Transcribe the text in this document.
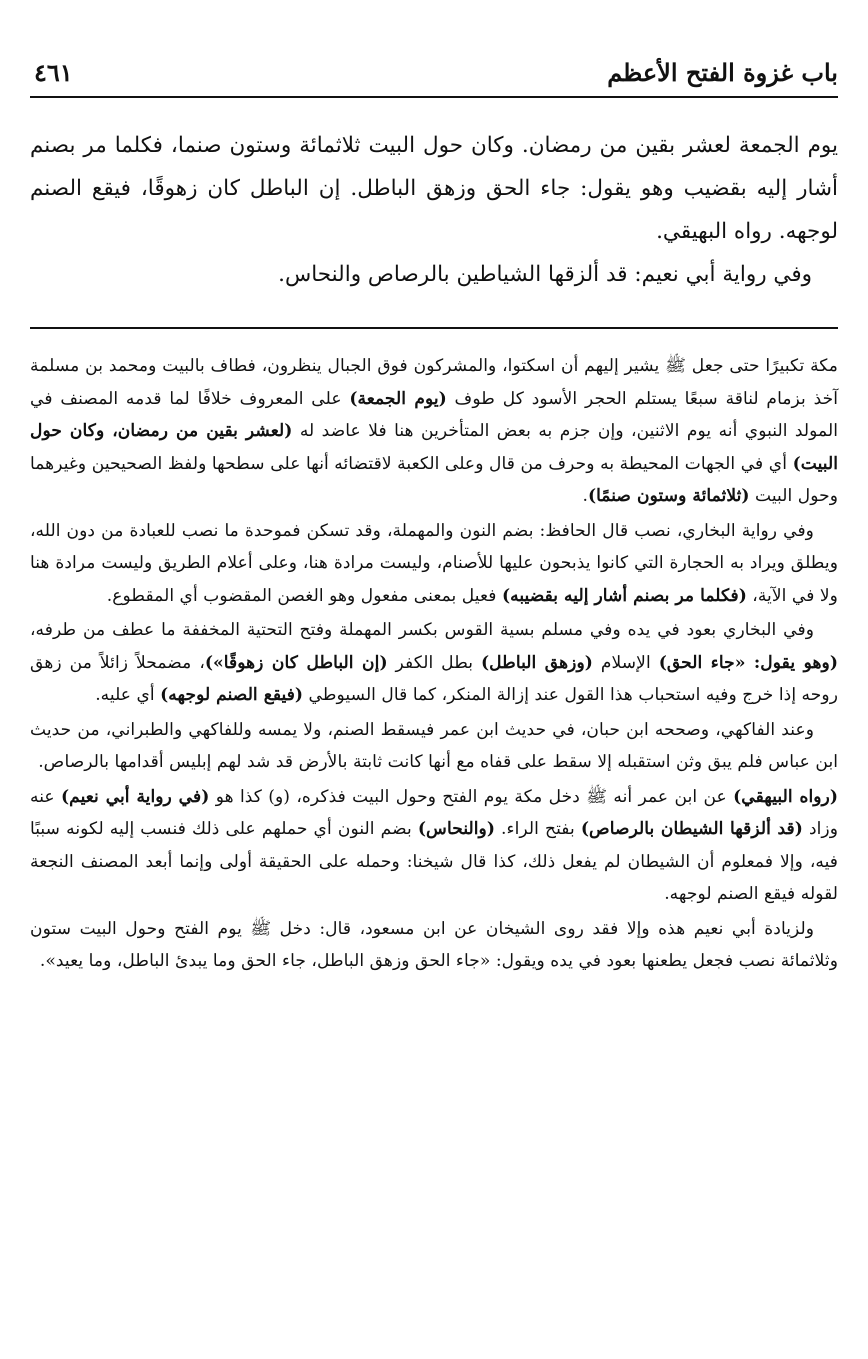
باب غزوة الفتح الأعظم
٤٦١

يوم الجمعة لعشر بقين من رمضان. وكان حول البيت ثلاثمائة وستون صنما، فكلما مر بصنم أشار إليه بقضيب وهو يقول: جاء الحق وزهق الباطل. إن الباطل كان زهوقًا، فيقع الصنم لوجهه. رواه البهيقي.

وفي رواية أبي نعيم: قد ألزقها الشياطين بالرصاص والنحاس.

مكة تكبيرًا حتى جعل ﷺ يشير إليهم أن اسكتوا، والمشركون فوق الجبال ينظرون، فطاف بالبيت ومحمد بن مسلمة آخذ بزمام لناقة سبعًا يستلم الحجر الأسود كل طوف (يوم الجمعة) على المعروف خلافًا لما قدمه المصنف في المولد النبوي أنه يوم الاثنين، وإن جزم به بعض المتأخرين هنا فلا عاضد له (لعشر بقين من رمضان، وكان حول البيت) أي في الجهات المحيطة به وحرف من قال وعلى الكعبة لاقتضائه أنها على سطحها ولفظ الصحيحين وغيرهما وحول البيت (ثلاثمائة وستون صنمًا).

وفي رواية البخاري، نصب قال الحافظ: بضم النون والمهملة، وقد تسكن فموحدة ما نصب للعبادة من دون الله، ويطلق ويراد به الحجارة التي كانوا يذبحون عليها للأصنام، وليست مرادة هنا، وعلى أعلام الطريق وليست مرادة هنا ولا في الآية، (فكلما مر بصنم أشار إليه بقضيبه) فعيل بمعنى مفعول وهو الغصن المقضوب أي المقطوع.

وفي البخاري بعود في يده وفي مسلم بسية القوس بكسر المهملة وفتح التحتية المخففة ما عطف من طرفه، (وهو يقول: «جاء الحق) الإسلام (وزهق الباطل) بطل الكفر (إن الباطل كان زهوقًا»)، مضمحلاً زائلاً من زهق روحه إذا خرج وفيه استحباب هذا القول عند إزالة المنكر، كما قال السيوطي (فيقع الصنم لوجهه) أي عليه.

وعند الفاكهي، وصححه ابن حبان، في حديث ابن عمر فيسقط الصنم، ولا يمسه وللفاكهي والطبراني، من حديث ابن عباس فلم يبق وثن استقبله إلا سقط على قفاه مع أنها كانت ثابتة بالأرض قد شد لهم إبليس أقدامها بالرصاص.

(رواه البيهقي) عن ابن عمر أنه ﷺ دخل مكة يوم الفتح وحول البيت فذكره، (و) كذا هو (في رواية أبي نعيم) عنه وزاد (قد ألزقها الشيطان بالرصاص) بفتح الراء. (والنحاس) بضم النون أي حملهم على ذلك فنسب إليه لكونه سببًا فيه، وإلا فمعلوم أن الشيطان لم يفعل ذلك، كذا قال شيخنا: وحمله على الحقيقة أولى وإنما أبعد المصنف النجعة لقوله فيقع الصنم لوجهه.

ولزيادة أبي نعيم هذه وإلا فقد روى الشيخان عن ابن مسعود، قال: دخل ﷺ يوم الفتح وحول البيت ستون وثلاثمائة نصب فجعل يطعنها بعود في يده ويقول: «جاء الحق وزهق الباطل، جاء الحق وما يبدئ الباطل، وما يعيد».
